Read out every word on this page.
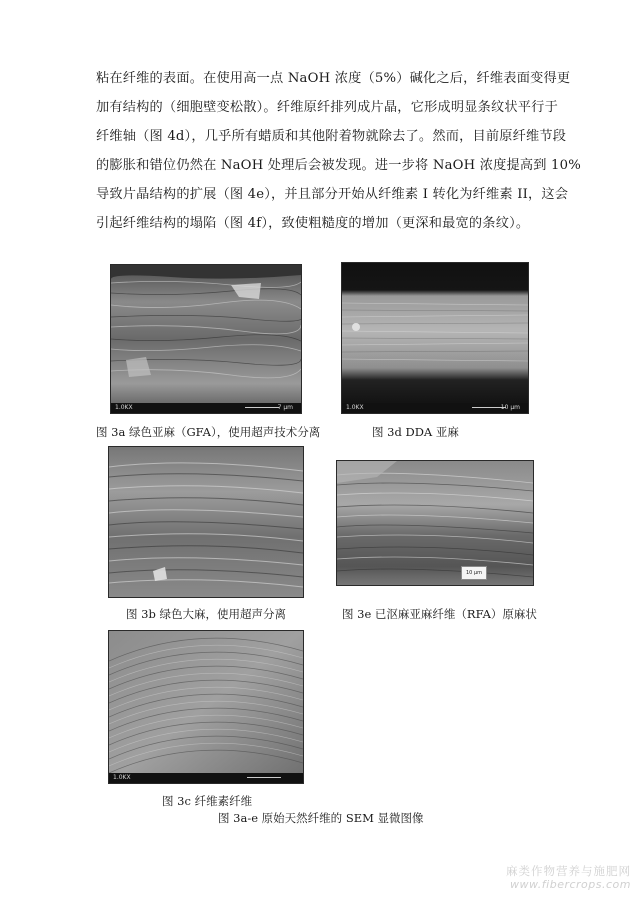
粘在纤维的表面。在使用高一点 NaOH 浓度（5%）碱化之后，纤维表面变得更
加有结构的（细胞壁变松散）。纤维原纤排列成片晶，它形成明显条纹状平行于
纤维轴（图 4d），几乎所有蜡质和其他附着物就除去了。然而，目前原纤维节段
的膨胀和错位仍然在 NaOH 处理后会被发现。进一步将 NaOH 浓度提高到 10%
导致片晶结构的扩展（图 4e），并且部分开始从纤维素 I 转化为纤维素 II，这会
引起纤维结构的塌陷（图 4f），致使粗糙度的增加（更深和最宽的条纹）。
1.0KX	7 µm
图 3a 绿色亚麻（GFA），使用超声技术分离
1.0KX	10 µm
图 3d DDA 亚麻
图 3b 绿色大麻，使用超声分离
10 µm
图 3e 已沤麻亚麻纤维（RFA）原麻状
1.0KX
图 3c 纤维素纤维
图 3a-e 原始天然纤维的 SEM 显微图像
麻类作物营养与施肥网
www.fibercrops.com
